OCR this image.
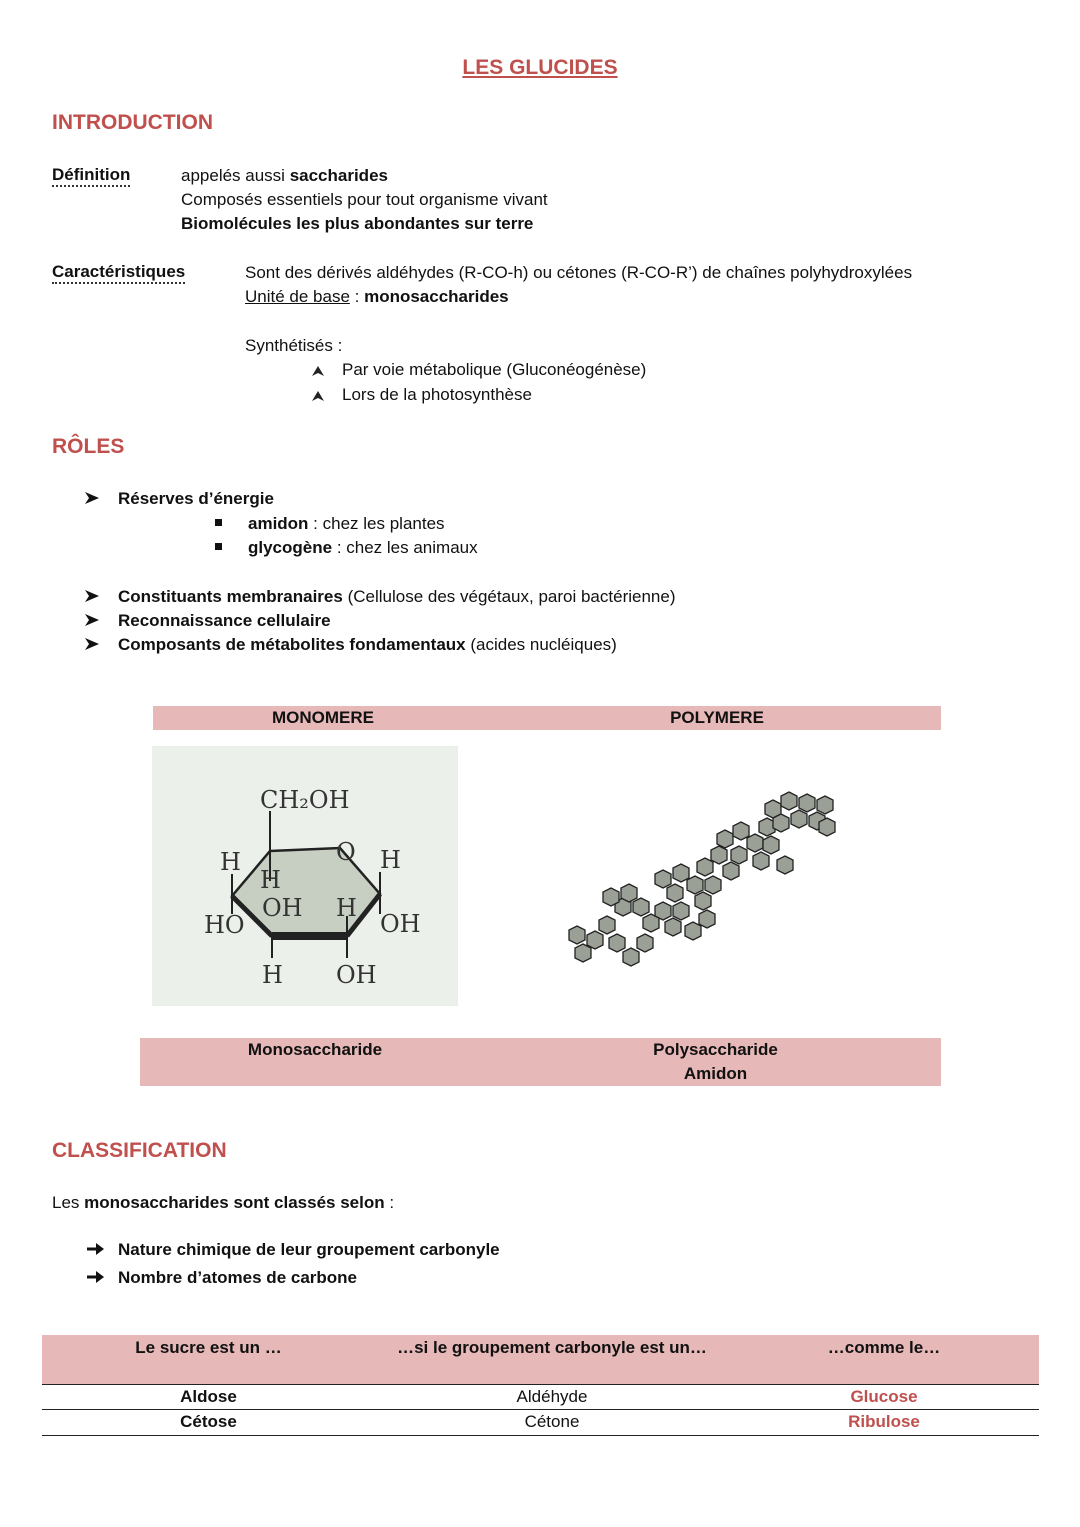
LES GLUCIDES
INTRODUCTION
Définition	appelés aussi saccharides
Composés essentiels pour tout organisme vivant
Biomolécules les plus abondantes sur terre
Caractéristiques	Sont des dérivés aldéhydes (R-CO-h) ou cétones (R-CO-R’) de chaînes polyhydroxylées
Unité de base : monosaccharides
Synthétisés :
Par voie métabolique (Gluconéogénèse)
Lors de la photosynthèse
RÔLES
Réserves d’énergie
amidon : chez les plantes
glycogène : chez les animaux
Constituants membranaires (Cellulose des végétaux, paroi bactérienne)
Reconnaissance cellulaire
Composants de métabolites fondamentaux (acides nucléiques)
MONOMERE	POLYMERE
CH₂OH
O
H	H
H
OH H
HO	OH
H OH
Monosaccharide	Polysaccharide
Amidon
CLASSIFICATION
Les monosaccharides sont classés selon :
Nature chimique de leur groupement carbonyle
Nombre d’atomes de carbone
Le sucre est un …	…si le groupement carbonyle est un…	…comme le…
Aldose	Aldéhyde	Glucose
Cétose	Cétone	Ribulose
